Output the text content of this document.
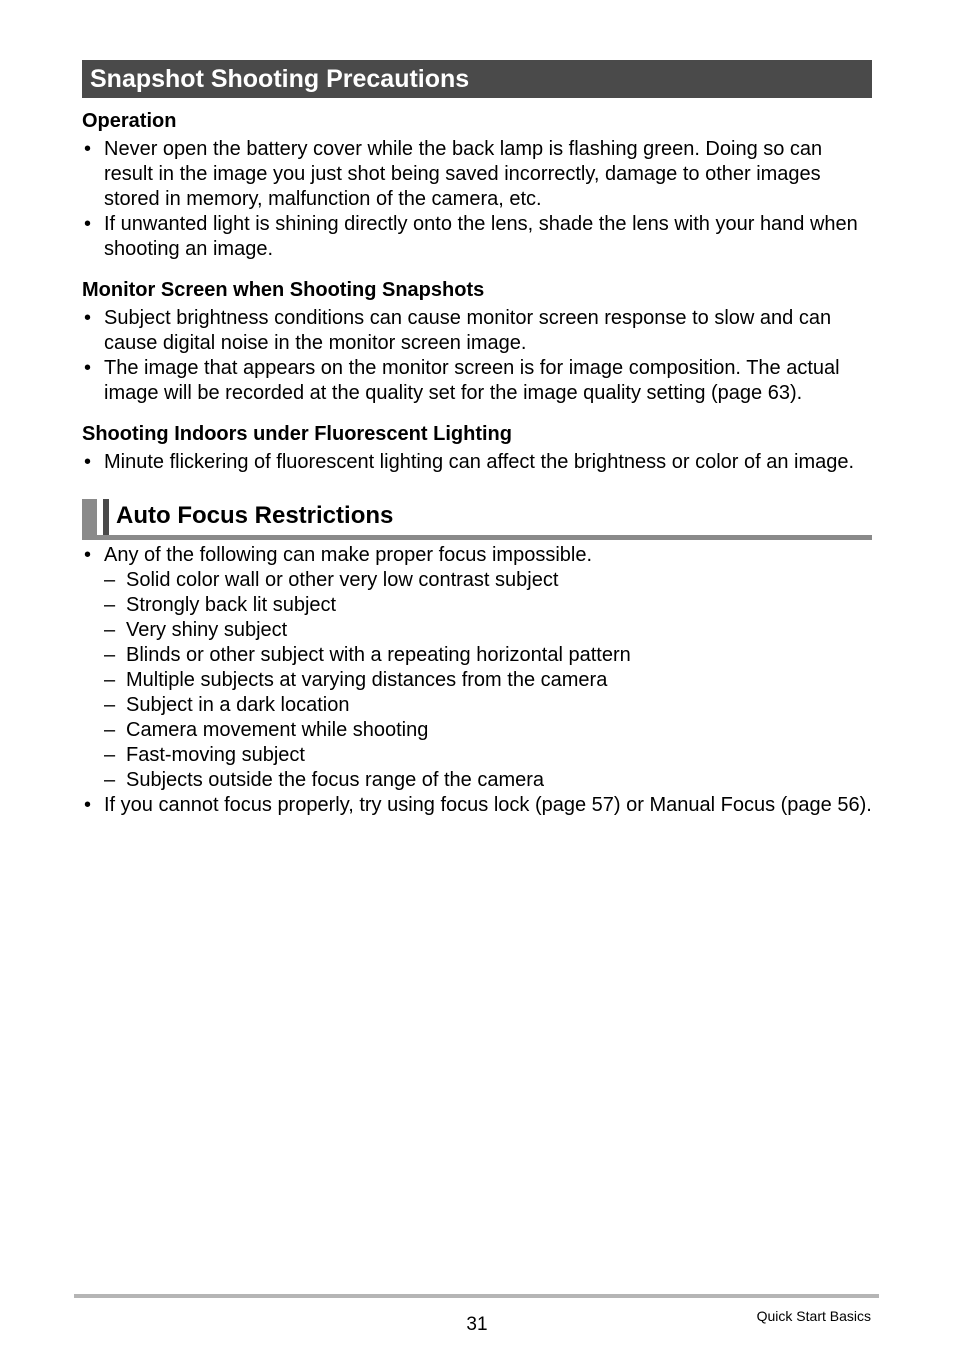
Snapshot Shooting Precautions
Operation
• Never open the battery cover while the back lamp is flashing green. Doing so can result in the image you just shot being saved incorrectly, damage to other images stored in memory, malfunction of the camera, etc.
• If unwanted light is shining directly onto the lens, shade the lens with your hand when shooting an image.
Monitor Screen when Shooting Snapshots
• Subject brightness conditions can cause monitor screen response to slow and can cause digital noise in the monitor screen image.
• The image that appears on the monitor screen is for image composition. The actual image will be recorded at the quality set for the image quality setting (page 63).
Shooting Indoors under Fluorescent Lighting
• Minute flickering of fluorescent lighting can affect the brightness or color of an image.
Auto Focus Restrictions
• Any of the following can make proper focus impossible.
– Solid color wall or other very low contrast subject
– Strongly back lit subject
– Very shiny subject
– Blinds or other subject with a repeating horizontal pattern
– Multiple subjects at varying distances from the camera
– Subject in a dark location
– Camera movement while shooting
– Fast-moving subject
– Subjects outside the focus range of the camera
• If you cannot focus properly, try using focus lock (page 57) or Manual Focus (page 56).
31	Quick Start Basics
